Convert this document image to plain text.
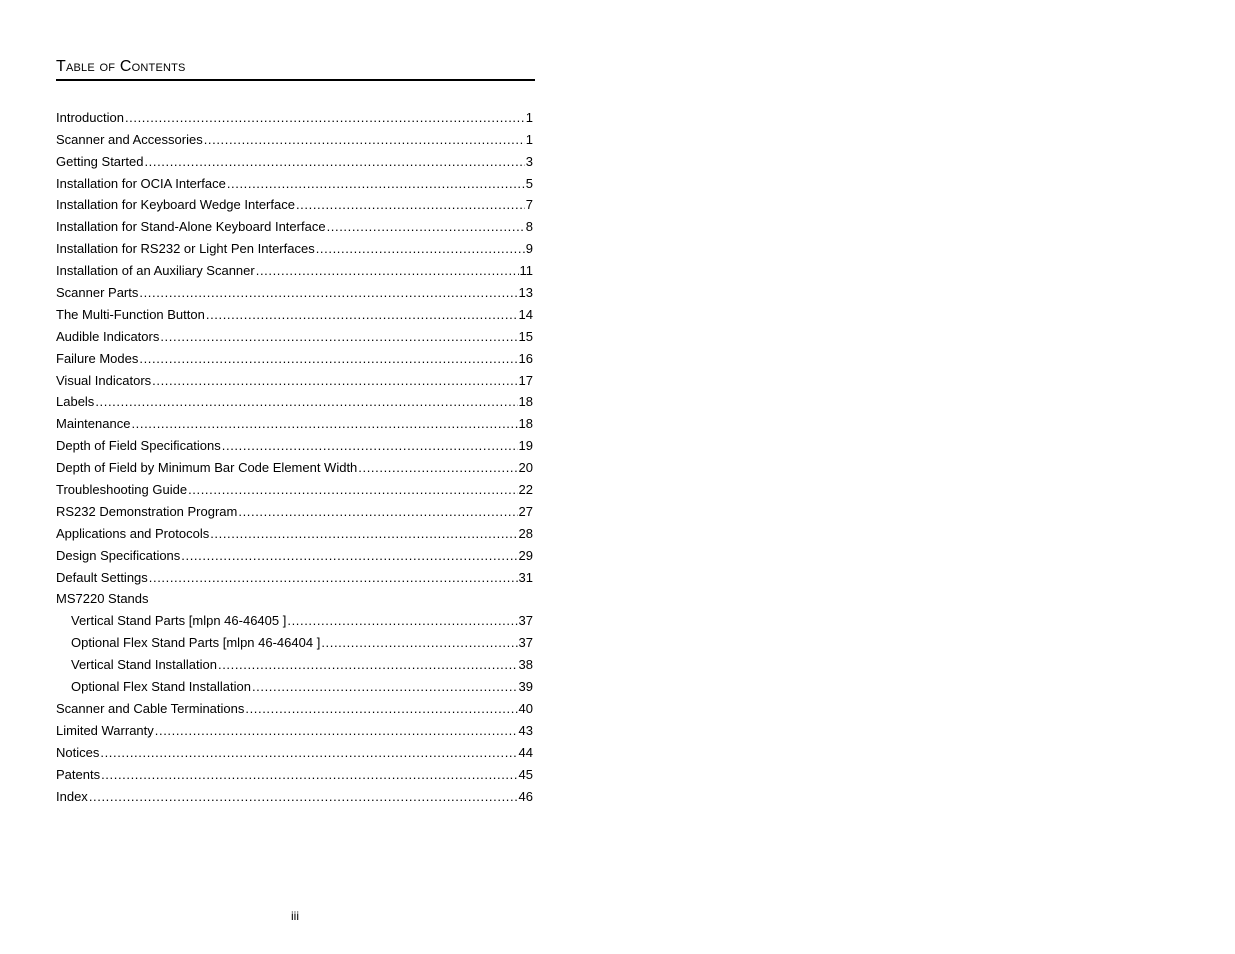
Table of Contents
Introduction .....	1
Scanner and Accessories .....	1
Getting Started .....	3
Installation for OCIA Interface .....	5
Installation for Keyboard Wedge Interface .....	7
Installation for Stand-Alone Keyboard Interface .....	8
Installation for RS232 or Light Pen Interfaces .....	9
Installation of an Auxiliary Scanner .....	11
Scanner Parts .....	13
The Multi-Function Button .....	14
Audible Indicators .....	15
Failure Modes .....	16
Visual Indicators .....	17
Labels .....	18
Maintenance .....	18
Depth of Field Specifications .....	19
Depth of Field by Minimum Bar Code Element Width .....	20
Troubleshooting Guide .....	22
RS232 Demonstration Program .....	27
Applications and Protocols .....	28
Design Specifications .....	29
Default Settings .....	31
MS7220 Stands
Vertical Stand Parts [mlpn 46-46405 ] .....	37
Optional Flex Stand Parts [mlpn 46-46404 ] .....	37
Vertical Stand Installation .....	38
Optional Flex Stand Installation .....	39
Scanner and Cable Terminations .....	40
Limited Warranty .....	43
Notices .....	44
Patents .....	45
Index .....	46
iii
